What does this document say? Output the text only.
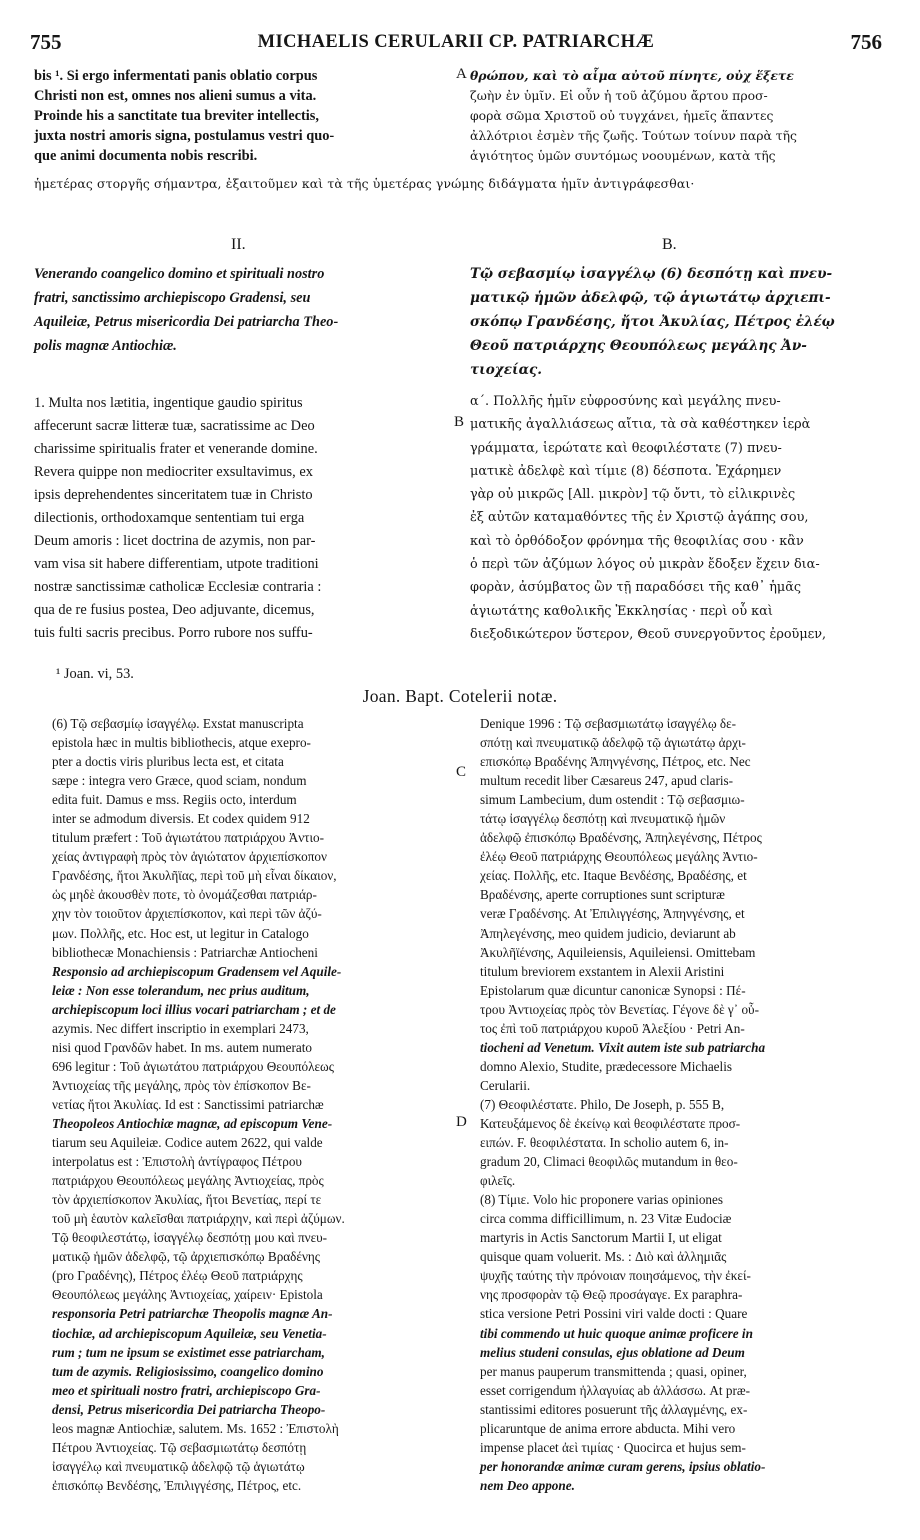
755	MICHAELIS CERULARII CP. PATRIARCHÆ	756
bis ¹. Si ergo infermentati panis oblatio corpus
Christi non est, omnes nos alieni sumus a vita.
Proinde his a sanctitate tua breviter intellectis,
juxta nostri amoris signa, postulamus vestri quo-
que animi documenta nobis rescribi.
θρώπου, καὶ τὸ αἷμα αὐτοῦ πίνητε, οὐχ ἕξετε
ζωὴν ἐν ὑμῖν. Εἰ οὖν ἡ τοῦ ἀζύμου ἄρτου προσ-
φορὰ σῶμα Χριστοῦ οὐ τυγχάνει, ἡμεῖς ἅπαντες
ἀλλότριοι ἐσμὲν τῆς ζωῆς. Τούτων τοίνυν παρὰ τῆς
ἁγιότητος ὑμῶν συντόμως νοουμένων, κατὰ τῆς
ἡμετέρας στοργῆς σήμαντρα, ἐξαιτοῦμεν καὶ τὰ τῆς ὑμετέρας γνώμης διδάγματα ἡμῖν ἀντιγράφεσθαι·
II.	B.
Venerando coangelico domino et spirituali nostro
fratri, sanctissimo archiepiscopo Gradensi, seu
Aquileiæ, Petrus misericordia Dei patriarcha Theo-
polis magnæ Antiochiæ.
Τῷ σεβασμίῳ ἰσαγγέλῳ (6) δεσπότῃ καὶ πνευ-
ματικῷ ἡμῶν ἀδελφῷ, τῷ ἁγιωτάτῳ ἀρχιεπι-
σκόπῳ Γρανδέσης, ἤτοι Ἀκυλίας, Πέτρος ἐλέῳ
Θεοῦ πατριάρχης Θεουπόλεως μεγάλης Ἀν-
τιοχείας.
1. Multa nos lætitia, ingentique gaudio spiritus
affecerunt sacræ litteræ tuæ, sacratissime ac Deo
charissime spiritualis frater et venerande domine.
Revera quippe non mediocriter exsultavimus, ex
ipsis deprehendentes sinceritatem tuæ in Christo
dilectionis, orthodoxamque sententiam tui erga
Deum amoris : licet doctrina de azymis, non par-
vam visa sit habere differentiam, utpote traditioni
nostræ sanctissimæ catholicæ Ecclesiæ contraria :
qua de re fusius postea, Deo adjuvante, dicemus,
tuis fulti sacris precibus. Porro rubore nos suffu-
α΄. Πολλῆς ἡμῖν εὐφροσύνης καὶ μεγάλης πνευ-
ματικῆς ἀγαλλιάσεως αἴτια, τὰ σὰ καθέστηκεν ἱερὰ
γράμματα, ἱερώτατε καὶ θεοφιλέστατε (7) πνευ-
ματικὲ ἀδελφὲ καὶ τίμιε (8) δέσποτα. Ἐχάρημεν
γὰρ οὐ μικρῶς [All. μικρὸν] τῷ ὄντι, τὸ εἰλικρινὲς
ἐξ αὐτῶν καταμαθόντες τῆς ἐν Χριστῷ ἀγάπης σου,
καὶ τὸ ὀρθόδοξον φρόνημα τῆς θεοφιλίας σου · κἂν
ὁ περὶ τῶν ἀζύμων λόγος οὐ μικρὰν ἔδοξεν ἔχειν δια-
φορὰν, ἀσύμβατος ὢν τῇ παραδόσει τῆς καθ᾽ ἡμᾶς
ἁγιωτάτης καθολικῆς Ἐκκλησίας · περὶ οὗ καὶ
διεξοδικώτερον ὕστερον, Θεοῦ συνεργοῦντος ἐροῦμεν,
¹ Joan. vi, 53.
Joan. Bapt. Cotelerii notæ.
(6) Τῷ σεβασμίῳ ἰσαγγέλῳ. Exstat manuscripta
epistola hæc in multis bibliothecis, atque exepro-
pter a doctis viris pluribus lecta est, et citata
sæpe : integra vero Græce, quod sciam, nondum
edita fuit. Damus e mss. Regiis octo, interdum
inter se admodum diversis. Et codex quidem 912
titulum præfert : Τοῦ ἁγιωτάτου πατριάρχου Ἀντιο-
χείας ἀντιγραφὴ πρὸς τὸν ἁγιώτατον ἀρχιεπίσκοπον
Γρανδέσης, ἤτοι Ἀκυλῆϊας, περὶ τοῦ μὴ εἶναι δίκαιον,
ὡς μηδὲ ἀκουσθὲν ποτε, τὸ ὀνομάζεσθαι πατριάρ-
χην τὸν τοιοῦτον ἀρχιεπίσκοπον, καὶ περὶ τῶν ἀζύ-
μων. Πολλῆς, etc. Hoc est, ut legitur in Catalogo
bibliothecæ Monachiensis : Patriarchæ Antiocheni
Responsio ad archiepiscopum Gradensem vel Aquile-
leiæ : Non esse tolerandum, nec prius auditum,
archiepiscopum loci illius vocari patriarcham ; et de
azymis. Nec differt inscriptio in exemplari 2473,
nisi quod Γρανδῶν habet. In ms. autem numerato
696 legitur : Τοῦ ἁγιωτάτου πατριάρχου Θεουπόλεως
Ἀντιοχείας τῆς μεγάλης, πρὸς τὸν ἐπίσκοπον Βε-
νετίας ἤτοι Ἀκυλίας. Id est : Sanctissimi patriarchæ
Theopoleos Antiochiæ magnæ, ad episcopum Vene-
tiarum seu Aquileiæ. Codice autem 2622, qui valde
interpolatus est : Ἐπιστολὴ ἀντίγραφος Πέτρου
πατριάρχου Θεουπόλεως μεγάλης Ἀντιοχείας, πρὸς
τὸν ἀρχιεπίσκοπον Ἀκυλίας, ἤτοι Βενετίας, περί τε
τοῦ μὴ ἑαυτὸν καλεῖσθαι πατριάρχην, καὶ περὶ ἀζύμων.
Τῷ θεοφιλεστάτῳ, ἰσαγγέλῳ δεσπότῃ μου καὶ πνευ-
ματικῷ ἡμῶν ἀδελφῷ, τῷ ἀρχιεπισκόπῳ Βραδένης
(pro Γραδένης), Πέτρος ἐλέῳ Θεοῦ πατριάρχης
Θεουπόλεως μεγάλης Ἀντιοχείας, χαίρειν· Epistola
responsoria Petri patriarchæ Theopolis magnæ An-
tiochiæ, ad archiepiscopum Aquileiæ, seu Venetia-
rum ; tum ne ipsum se existimet esse patriarcham,
tum de azymis. Religiosissimo, coangelico domino
meo et spirituali nostro fratri, archiepiscopo Gra-
densi, Petrus misericordia Dei patriarcha Theopo-
leos magnæ Antiochiæ, salutem. Ms. 1652 : Ἐπιστολὴ
Πέτρου Ἀντιοχείας. Τῷ σεβασμιωτάτῳ δεσπότῃ
ἰσαγγέλῳ καὶ πνευματικῷ ἀδελφῷ τῷ ἁγιωτάτῳ
ἐπισκόπῳ Βενδέσης, Ἐπιλιγγέσης, Πέτρος, etc.
Denique 1996 : Τῷ σεβασμιωτάτῳ ἰσαγγέλῳ δε-
σπότῃ καὶ πνευματικῷ ἀδελφῷ τῷ ἁγιωτάτῳ ἀρχι-
επισκόπῳ Βραδένης Ἀπηνγένσης, Πέτρος, etc. Nec
multum recedit liber Cæsareus 247, apud claris-
simum Lambecium, dum ostendit : Τῷ σεβασμιω-
τάτῳ ἰσαγγέλῳ δεσπότῃ καὶ πνευματικῷ ἡμῶν
ἀδελφῷ ἐπισκόπῳ Βραδένσης, Ἀπηλεγένσης, Πέτρος
ἐλέῳ Θεοῦ πατριάρχης Θεουπόλεως μεγάλης Ἀντιο-
χείας. Πολλῆς, etc. Itaque Βενδέσης, Βραδέσης, et
Βραδένσης, aperte corruptiones sunt scripturæ
veræ Γραδένσης. At Ἐπιλιγγέσης, Ἀπηνγένσης, et
Ἀπηλεγένσης, meo quidem judicio, deviarunt ab
Ἀκυλῆϊένσης, Aquileiensis, Aquileiensi. Omittebam
titulum breviorem exstantem in Alexii Aristini
Epistolarum quæ dicuntur canonicæ Synopsi : Πέ-
τρου Ἀντιοχείας πρὸς τὸν Βενετίας. Γέγονε δὲ γ᾽ οὗ-
τος ἐπὶ τοῦ πατριάρχου κυροῦ Ἀλεξίου · Petri An-
tiocheni ad Venetum. Vixit autem iste sub patriarcha
domno Alexio, Studite, prædecessore Michaelis
Cerularii.
(7) Θεοφιλέστατε. Philo, De Joseph, p. 555 B,
Κατευξάμενος δὲ ἐκείνῳ καὶ θεοφιλέστατε προσ-
ειπών. F. θεοφιλέστατα. In scholio autem 6, in-
gradum 20, Climaci θεοφιλῶς mutandum in θεο-
φιλεῖς.
(8) Τίμιε. Volo hic proponere varias opiniones
circa comma difficillimum, n. 23 Vitæ Eudociæ
martyris in Actis Sanctorum Martii I, ut eligat
quisque quam voluerit. Ms. : Διὸ καὶ ἀλλημιᾶς
ψυχῆς ταύτης τὴν πρόνοιαν ποιησάμενος, τὴν ἐκεί-
νης προσφορὰν τῷ Θεῷ προσάγαγε. Ex paraphra-
stica versione Petri Possini viri valde docti : Quare
tibi commendo ut huic quoque animæ proficere in
melius studeni consulas, ejus oblatione ad Deum
per manus pauperum transmittenda ; quasi, opiner,
esset corrigendum ἠλλαγυίας ab ἀλλάσσω. At præ-
stantissimi editores posuerunt τῆς ἀλλαγμένης, ex-
plicaruntque de anima errore abducta. Mihi vero
impense placet ἀεὶ τιμίας · Quocirca et hujus sem-
per honorandæ animæ curam gerens, ipsius oblatio-
nem Deo appone.
A
B
C
D
